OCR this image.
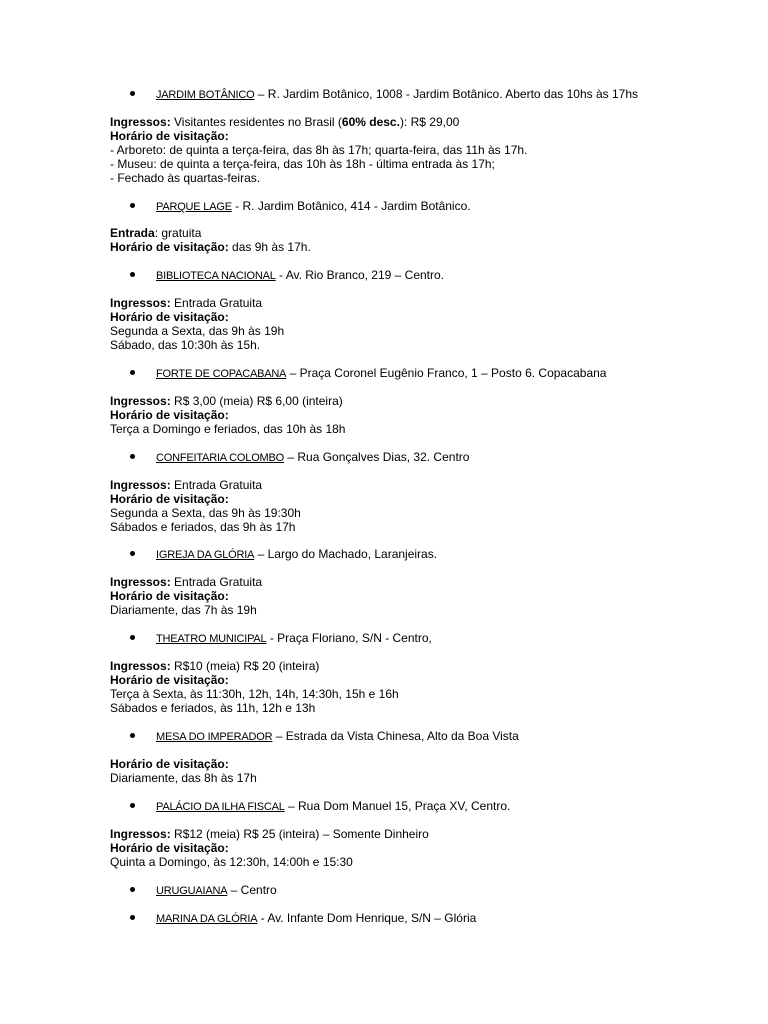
JARDIM BOTÂNICO – R. Jardim Botânico, 1008 - Jardim Botânico. Aberto das 10hs às 17hs
Ingressos: Visitantes residentes no Brasil (60% desc.): R$ 29,00
Horário de visitação:
- Arboreto: de quinta a terça-feira, das 8h às 17h; quarta-feira, das 11h às 17h.
- Museu: de quinta a terça-feira, das 10h às 18h - última entrada às 17h;
- Fechado às quartas-feiras.
PARQUE LAGE - R. Jardim Botânico, 414 - Jardim Botânico.
Entrada: gratuita
Horário de visitação: das 9h às 17h.
BIBLIOTECA NACIONAL - Av. Rio Branco, 219 – Centro.
Ingressos: Entrada Gratuita
Horário de visitação:
Segunda a Sexta, das 9h às 19h
Sábado, das 10:30h às 15h.
FORTE DE COPACABANA – Praça Coronel Eugênio Franco, 1 – Posto 6. Copacabana
Ingressos: R$ 3,00 (meia) R$ 6,00 (inteira)
Horário de visitação:
Terça a Domingo e feriados, das 10h às 18h
CONFEITARIA COLOMBO – Rua Gonçalves Dias, 32. Centro
Ingressos: Entrada Gratuita
Horário de visitação:
Segunda a Sexta, das 9h às 19:30h
Sábados e feriados, das 9h às 17h
IGREJA DA GLÓRIA – Largo do Machado, Laranjeiras.
Ingressos: Entrada Gratuita
Horário de visitação:
Diariamente, das 7h às 19h
THEATRO MUNICIPAL - Praça Floriano, S/N - Centro,
Ingressos: R$10 (meia) R$ 20 (inteira)
Horário de visitação:
Terça à Sexta, às 11:30h, 12h, 14h, 14:30h, 15h e 16h
Sábados e feriados, às 11h, 12h e 13h
MESA DO IMPERADOR – Estrada da Vista Chinesa, Alto da Boa Vista
Horário de visitação:
Diariamente, das 8h às 17h
PALÁCIO DA ILHA FISCAL – Rua Dom Manuel 15, Praça XV, Centro.
Ingressos: R$12 (meia) R$ 25 (inteira) – Somente Dinheiro
Horário de visitação:
Quinta a Domingo, às 12:30h, 14:00h e 15:30
URUGUAIANA – Centro
MARINA DA GLÓRIA - Av. Infante Dom Henrique, S/N – Glória
